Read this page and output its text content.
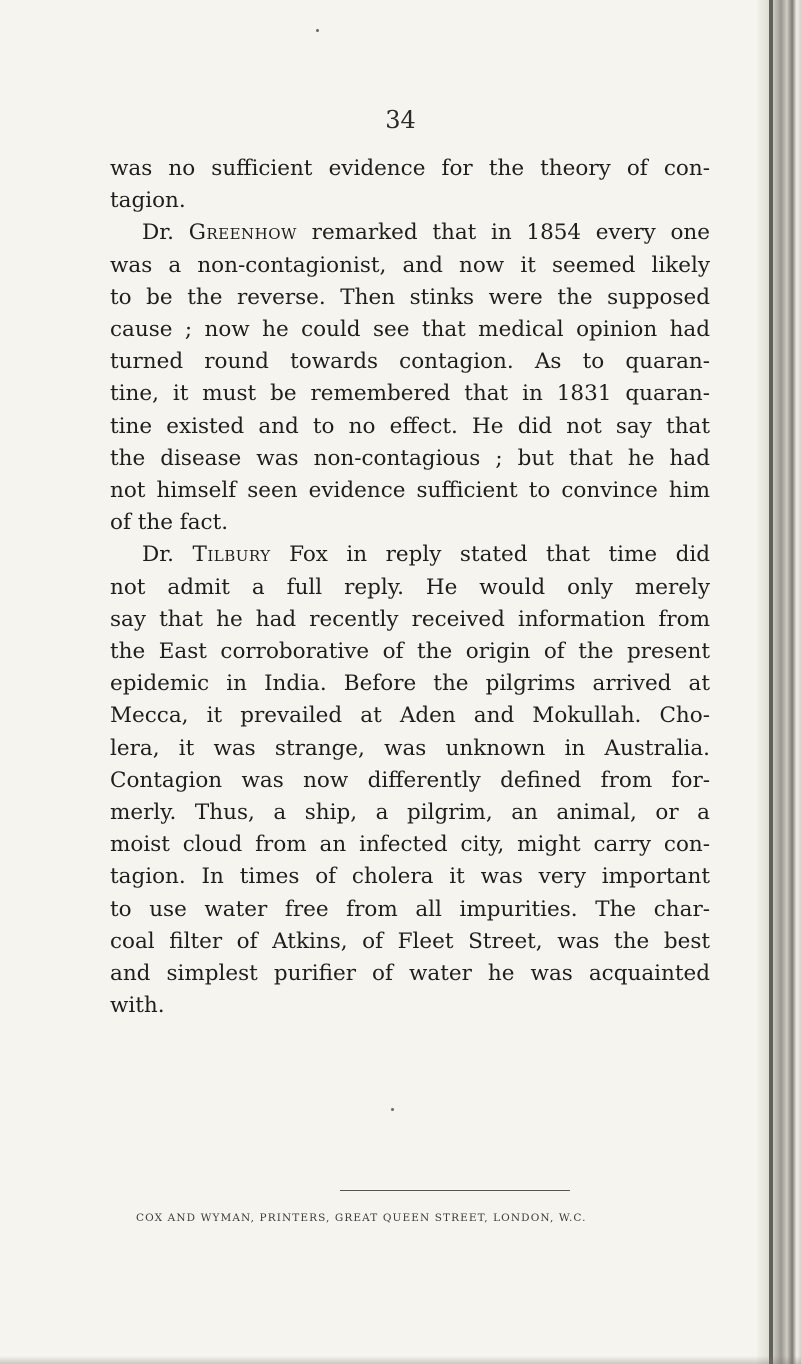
34
was no sufficient evidence for the theory of con-
tagion.
Dr. Greenhow remarked that in 1854 every one
was a non-contagionist, and now it seemed likely
to be the reverse. Then stinks were the supposed
cause ; now he could see that medical opinion had
turned round towards contagion. As to quaran-
tine, it must be remembered that in 1831 quaran-
tine existed and to no effect. He did not say that
the disease was non-contagious ; but that he had
not himself seen evidence sufficient to convince him
of the fact.
Dr. Tilbury Fox in reply stated that time did
not admit a full reply. He would only merely
say that he had recently received information from
the East corroborative of the origin of the present
epidemic in India. Before the pilgrims arrived at
Mecca, it prevailed at Aden and Mokullah. Cho-
lera, it was strange, was unknown in Australia.
Contagion was now differently defined from for-
merly. Thus, a ship, a pilgrim, an animal, or a
moist cloud from an infected city, might carry con-
tagion. In times of cholera it was very important
to use water free from all impurities. The char-
coal filter of Atkins, of Fleet Street, was the best
and simplest purifier of water he was acquainted
with.
COX AND WYMAN, PRINTERS, GREAT QUEEN STREET, LONDON, W.C.
